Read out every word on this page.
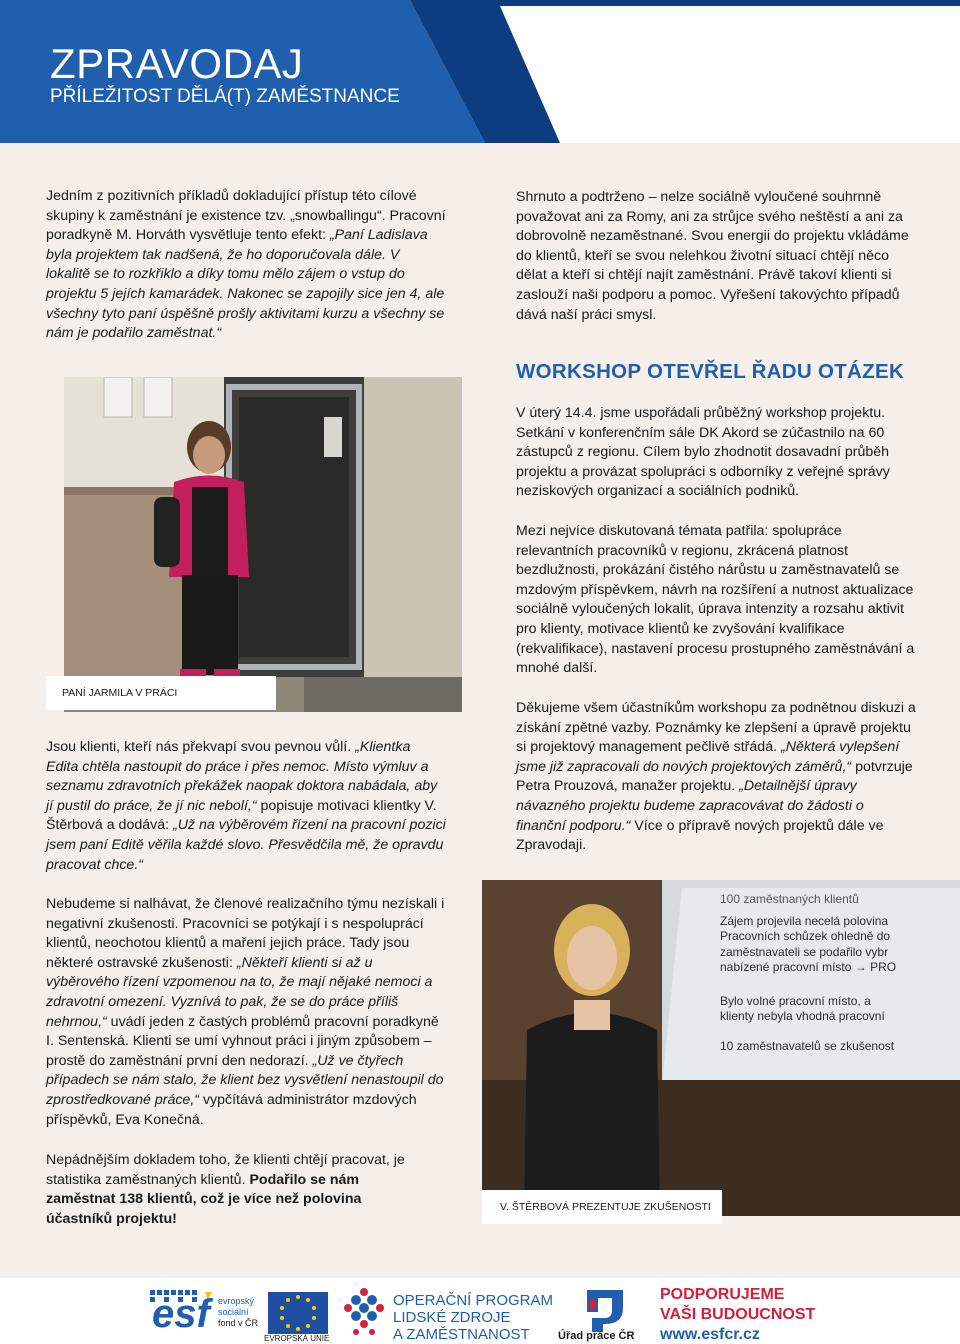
ZPRAVODAJ
PŘÍLEŽITOST DĚLÁ(T) ZAMĚSTNANCE

Jedním z pozitivních příkladů dokladující přístup této cílové skupiny k zaměstnání je existence tzv. „snowballingu“. Pracovní poradkyně M. Horváth vysvětluje tento efekt: „Paní Ladislava byla projektem tak nadšená, že ho doporučovala dále. V lokalitě se to rozkřiklo a díky tomu mělo zájem o vstup do projektu 5 jejích kamarádek. Nakonec se zapojily sice jen 4, ale všechny tyto paní úspěšně prošly aktivitami kurzu a všechny se nám je podařilo zaměstnat.“

PANÍ JARMILA V PRÁCI

Jsou klienti, kteří nás překvapí svou pevnou vůlí. „Klientka Edita chtěla nastoupit do práce i přes nemoc. Místo výmluv a seznamu zdravotních překážek naopak doktora nabádala, aby jí pustil do práce, že jí nic nebolí,“ popisuje motivaci klientky V. Štěrbová a dodává: „Už na výběrovém řízení na pracovní pozici jsem paní Editě věřila každé slovo. Přesvědčila mě, že opravdu pracovat chce.“

Nebudeme si nalhávat, že členové realizačního týmu nezískali i negativní zkušenosti. Pracovníci se potýkají i s nespoluprácí klientů, neochotou klientů a maření jejich práce. Tady jsou některé ostravské zkušenosti: „Někteří klienti si až u výběrového řízení vzpomenou na to, že mají nějaké nemoci a zdravotní omezení. Vyznívá to pak, že se do práce příliš nehrnou,“ uvádí jeden z častých problémů pracovní poradkyně I. Sentenská. Klienti se umí vyhnout práci i jiným způsobem – prostě do zaměstnání první den nedorazí. „Už ve čtyřech případech se nám stalo, že klient bez vysvětlení nenastoupil do zprostředkované práce,“ vypčítává administrátor mzdových příspěvků, Eva Konečná.

Nepádnějším dokladem toho, že klienti chtějí pracovat, je statistika zaměstnaných klientů. Podařilo se nám zaměstnat 138 klientů, což je více než polovina účastníků projektu!

Shrnuto a podtrženo – nelze sociálně vyloučené souhrnně považovat ani za Romy, ani za strůjce svého neštěstí a ani za dobrovolně nezaměstnané. Svou energii do projektu vkládáme do klientů, kteří se svou nelehkou životní situací chtějí něco dělat a kteří si chtějí najít zaměstnání. Právě takoví klienti si zaslouží naši podporu a pomoc. Vyřešení takovýchto případů dává naší práci smysl.
WORKSHOP OTEVŘEL ŘADU OTÁZEK
V úterý 14.4. jsme uspořádali průběžný workshop projektu. Setkání v konferenčním sále DK Akord se zúčastnilo na 60 zástupců z regionu. Cílem bylo zhodnotit dosavadní průběh projektu a provázat spolupráci s odborníky z veřejné správy neziskových organizací a sociálních podniků.
Mezi nejvíce diskutovaná témata patřila: spolupráce relevantních pracovníků v regionu, zkrácená platnost bezdlužnosti, prokázání čistého nárůstu u zaměstnavatelů se mzdovým příspěvkem, návrh na rozšíření a nutnost aktualizace sociálně vyloučených lokalit, úprava intenzity a rozsahu aktivit pro klienty, motivace klientů ke zvyšování kvalifikace (rekvalifikace), nastavení procesu prostupného zaměstnávání a mnohé další.

Děkujeme všem účastníkům workshopu za podnětnou diskuzi a získání zpětné vazby. Poznámky ke zlepšení a úpravě projektu si projektový management pečlivě střádá. „Některá vylepšení jsme již zapracovali do nových projektových záměrů,“ potvrzuje Petra Prouzová, manažer projektu. „Detailnější úpravy návazného projektu budeme zapracovávat do žádosti o finanční podporu.“ Více o přípravě nových projektů dále ve Zpravodaji.

100 zaměstnaných klientů
Zájem projevila necelá polovina
Pracovních schůzek ohledně do
zaměstnavateli se podařilo vybr
nabízené pracovní místo → PRO
Bylo volné pracovní místo, a
klienty nebyla vhodná pracovní
10 zaměstnavatelů se zkušenost
V. ŠTĚRBOVÁ PREZENTUJE ZKUŠENOSTI
esf evropský
sociální
fond v ČR
EVROPSKÁ UNIE
OPERAČNÍ PROGRAM
LIDSKÉ ZDROJE
A ZAMĚSTNANOST	Úřad práce ČR
PODPORUJEME
VAŠI BUDOUCNOST
www.esfcr.cz
